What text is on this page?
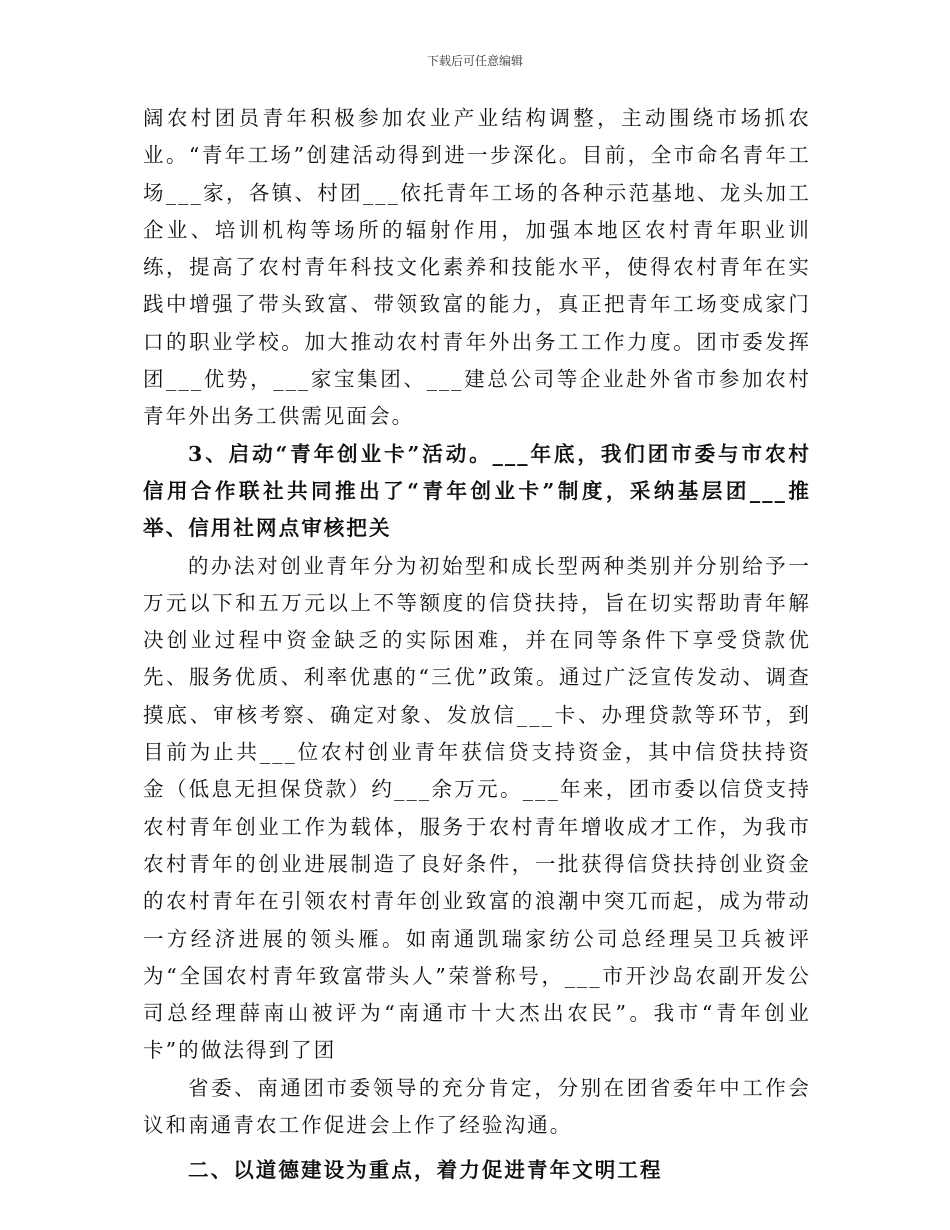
下载后可任意编辑

阔农村团员青年积极参加农业产业结构调整，主动围绕市场抓农业。“青年工场”创建活动得到进一步深化。目前，全市命名青年工场___家，各镇、村团___依托青年工场的各种示范基地、龙头加工企业、培训机构等场所的辐射作用，加强本地区农村青年职业训练，提高了农村青年科技文化素养和技能水平，使得农村青年在实践中增强了带头致富、带领致富的能力，真正把青年工场变成家门口的职业学校。加大推动农村青年外出务工工作力度。团市委发挥团___优势，___家宝集团、___建总公司等企业赴外省市参加农村青年外出务工供需见面会。

3、启动“青年创业卡”活动。___年底，我们团市委与市农村信用合作联社共同推出了“青年创业卡”制度，采纳基层团___推举、信用社网点审核把关

的办法对创业青年分为初始型和成长型两种类别并分别给予一万元以下和五万元以上不等额度的信贷扶持，旨在切实帮助青年解决创业过程中资金缺乏的实际困难，并在同等条件下享受贷款优先、服务优质、利率优惠的“三优”政策。通过广泛宣传发动、调查摸底、审核考察、确定对象、发放信___卡、办理贷款等环节，到目前为止共___位农村创业青年获信贷支持资金，其中信贷扶持资金（低息无担保贷款）约___余万元。___年来，团市委以信贷支持农村青年创业工作为载体，服务于农村青年增收成才工作，为我市农村青年的创业进展制造了良好条件，一批获得信贷扶持创业资金的农村青年在引领农村青年创业致富的浪潮中突兀而起，成为带动一方经济进展的领头雁。如南通凯瑞家纺公司总经理吴卫兵被评为“全国农村青年致富带头人”荣誉称号，___市开沙岛农副开发公司总经理薛南山被评为“南通市十大杰出农民”。我市“青年创业卡”的做法得到了团

省委、南通团市委领导的充分肯定，分别在团省委年中工作会议和南通青农工作促进会上作了经验沟通。

二、以道德建设为重点，着力促进青年文明工程
